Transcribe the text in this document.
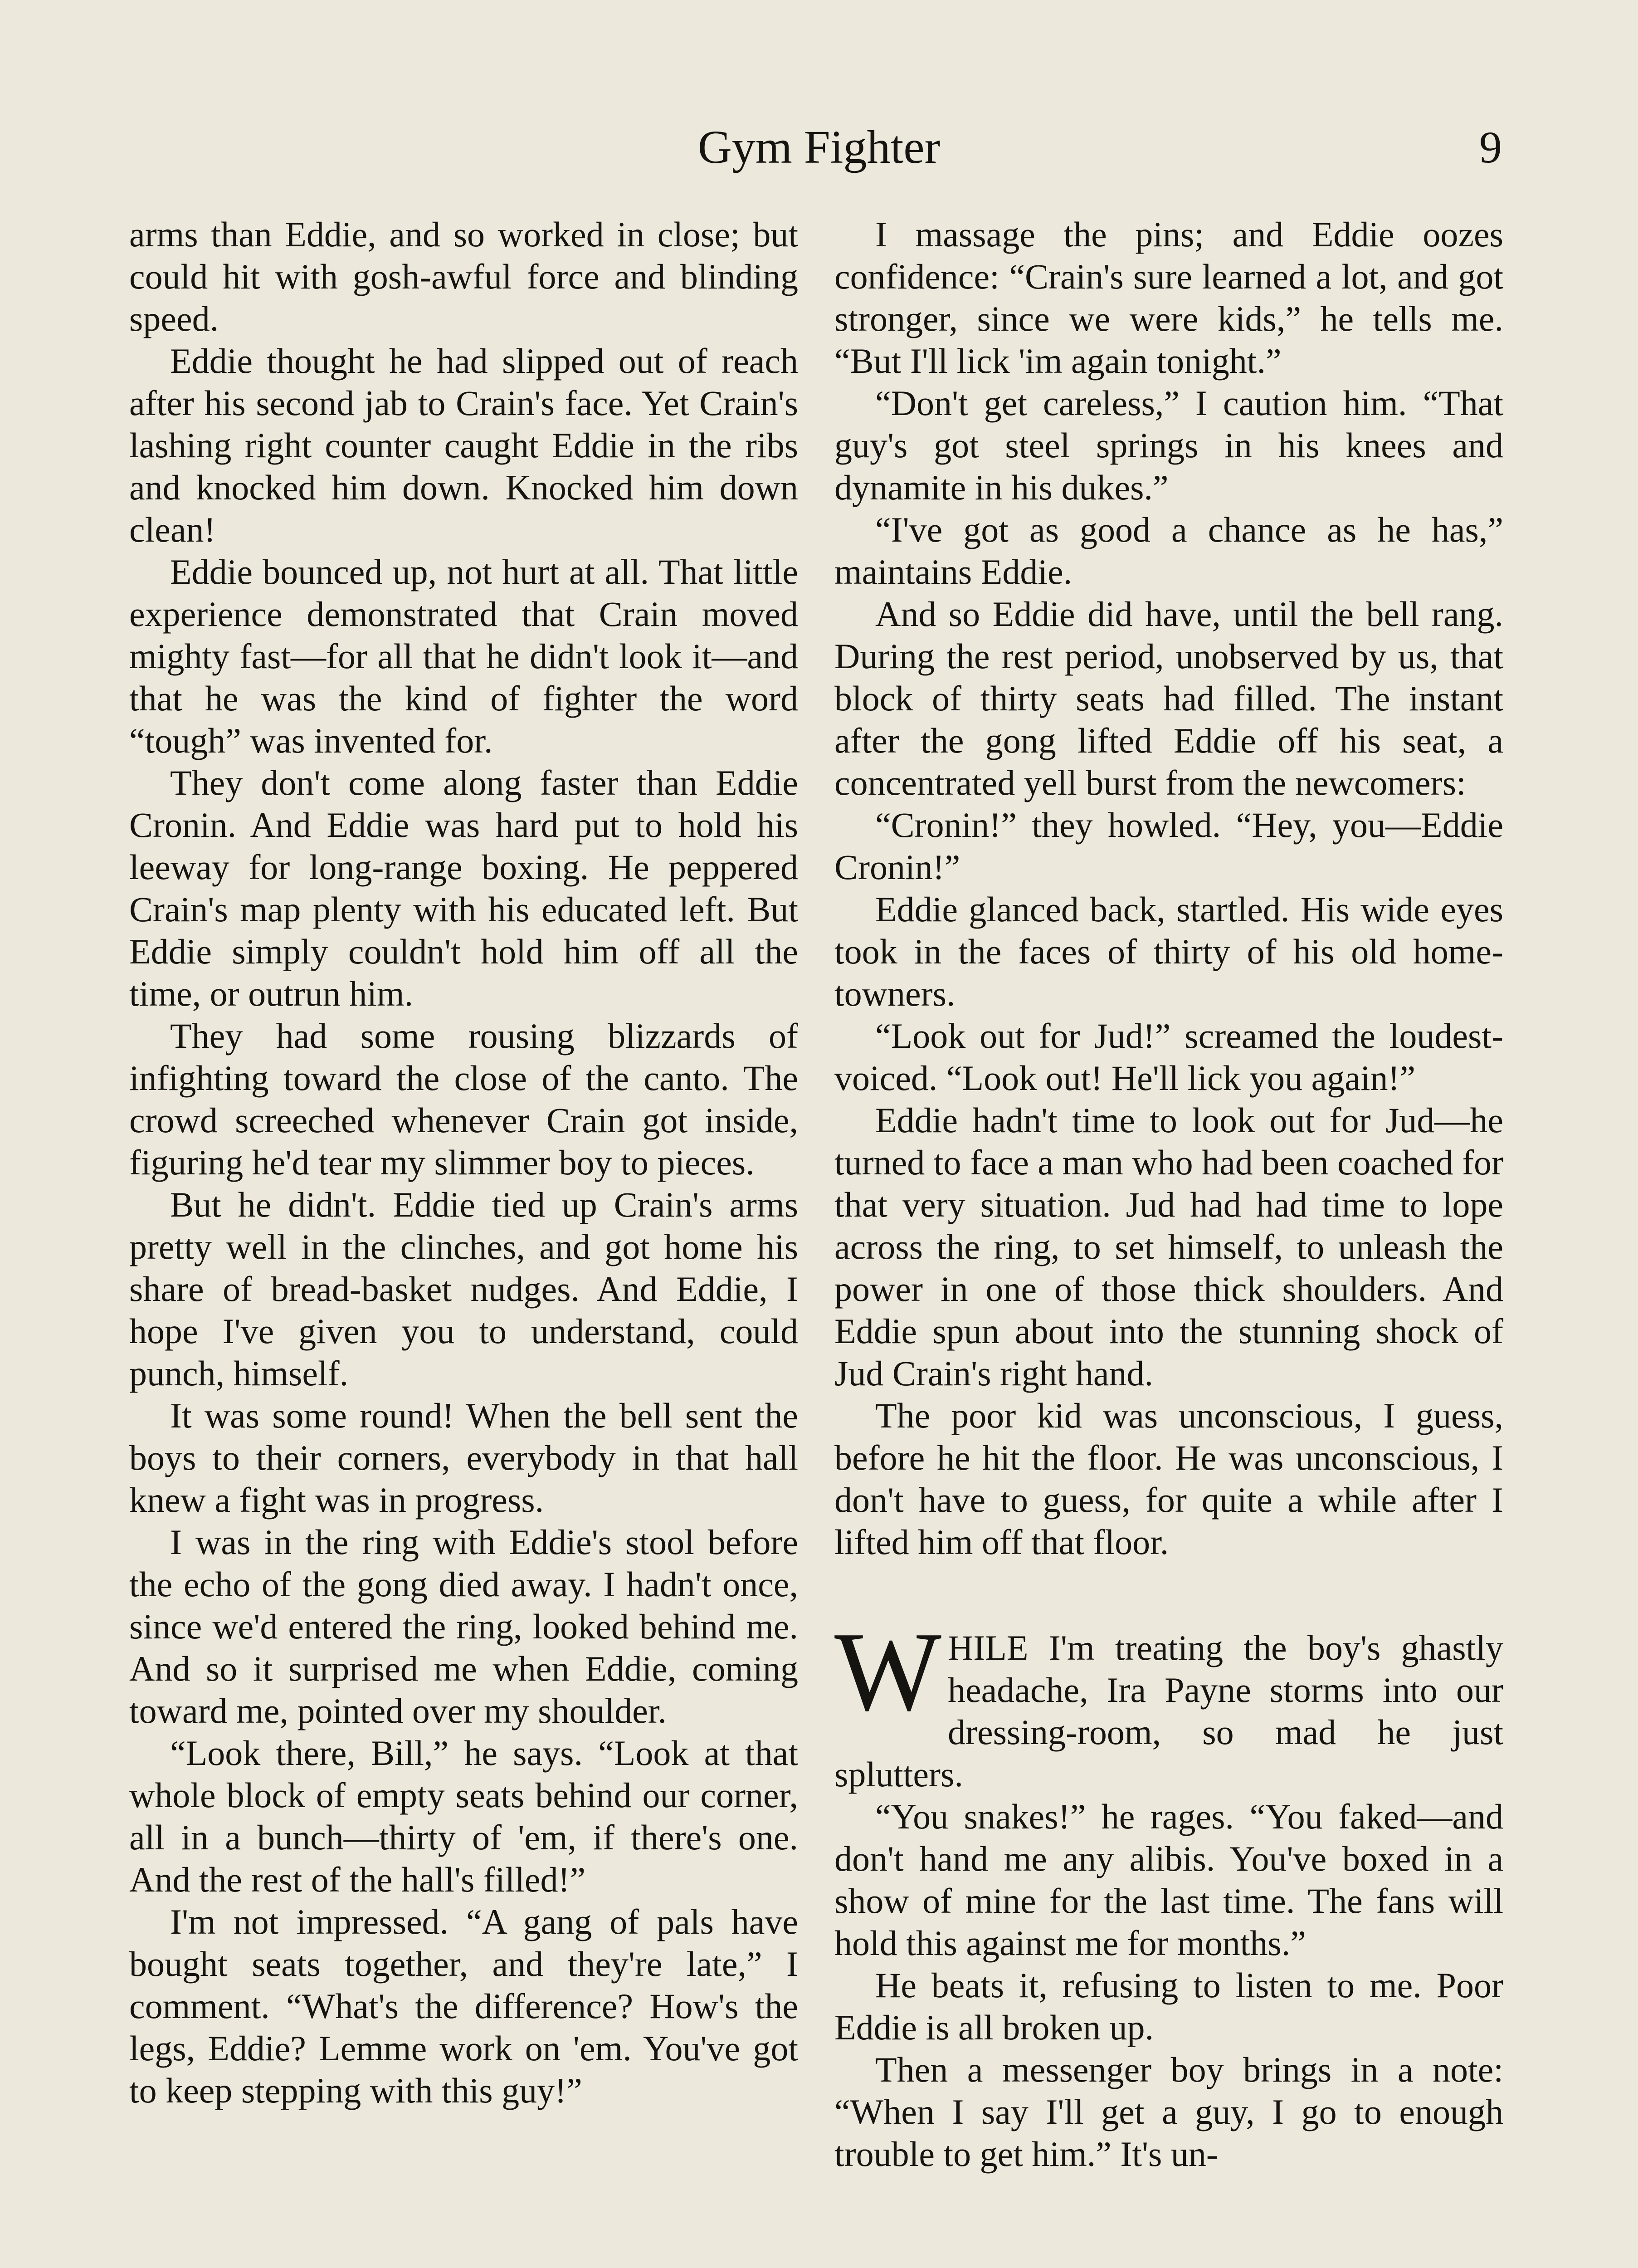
Gym Fighter	9

arms than Eddie, and so worked in close; but could hit with gosh-awful force and blinding speed.

Eddie thought he had slipped out of reach after his second jab to Crain's face. Yet Crain's lashing right counter caught Eddie in the ribs and knocked him down. Knocked him down clean!

Eddie bounced up, not hurt at all. That little experience demonstrated that Crain moved mighty fast—for all that he didn't look it—and that he was the kind of fighter the word “tough” was invented for.

They don't come along faster than Eddie Cronin. And Eddie was hard put to hold his leeway for long-range boxing. He peppered Crain's map plenty with his educated left. But Eddie simply couldn't hold him off all the time, or outrun him.

They had some rousing blizzards of infighting toward the close of the canto. The crowd screeched whenever Crain got inside, figuring he'd tear my slimmer boy to pieces.

But he didn't. Eddie tied up Crain's arms pretty well in the clinches, and got home his share of bread-basket nudges. And Eddie, I hope I've given you to understand, could punch, himself.

It was some round! When the bell sent the boys to their corners, everybody in that hall knew a fight was in progress.

I was in the ring with Eddie's stool before the echo of the gong died away. I hadn't once, since we'd entered the ring, looked behind me. And so it surprised me when Eddie, coming toward me, pointed over my shoulder.

“Look there, Bill,” he says. “Look at that whole block of empty seats behind our corner, all in a bunch—thirty of 'em, if there's one. And the rest of the hall's filled!”

I'm not impressed. “A gang of pals have bought seats together, and they're late,” I comment. “What's the difference? How's the legs, Eddie? Lemme work on 'em. You've got to keep stepping with this guy!”

I massage the pins; and Eddie oozes confidence: “Crain's sure learned a lot, and got stronger, since we were kids,” he tells me. “But I'll lick 'im again tonight.”

“Don't get careless,” I caution him. “That guy's got steel springs in his knees and dynamite in his dukes.”

“I've got as good a chance as he has,” maintains Eddie.

And so Eddie did have, until the bell rang. During the rest period, unobserved by us, that block of thirty seats had filled. The instant after the gong lifted Eddie off his seat, a concentrated yell burst from the newcomers:

“Cronin!” they howled. “Hey, you—Eddie Cronin!”

Eddie glanced back, startled. His wide eyes took in the faces of thirty of his old home-towners.

“Look out for Jud!” screamed the loudest-voiced. “Look out! He'll lick you again!”

Eddie hadn't time to look out for Jud—he turned to face a man who had been coached for that very situation. Jud had had time to lope across the ring, to set himself, to unleash the power in one of those thick shoulders. And Eddie spun about into the stunning shock of Jud Crain's right hand.

The poor kid was unconscious, I guess, before he hit the floor. He was unconscious, I don't have to guess, for quite a while after I lifted him off that floor.

WHILE I'm treating the boy's ghastly headache, Ira Payne storms into our dressing-room, so mad he just splutters.

“You snakes!” he rages. “You faked—and don't hand me any alibis. You've boxed in a show of mine for the last time. The fans will hold this against me for months.”

He beats it, refusing to listen to me. Poor Eddie is all broken up.

Then a messenger boy brings in a note: “When I say I'll get a guy, I go to enough trouble to get him.” It's un-
